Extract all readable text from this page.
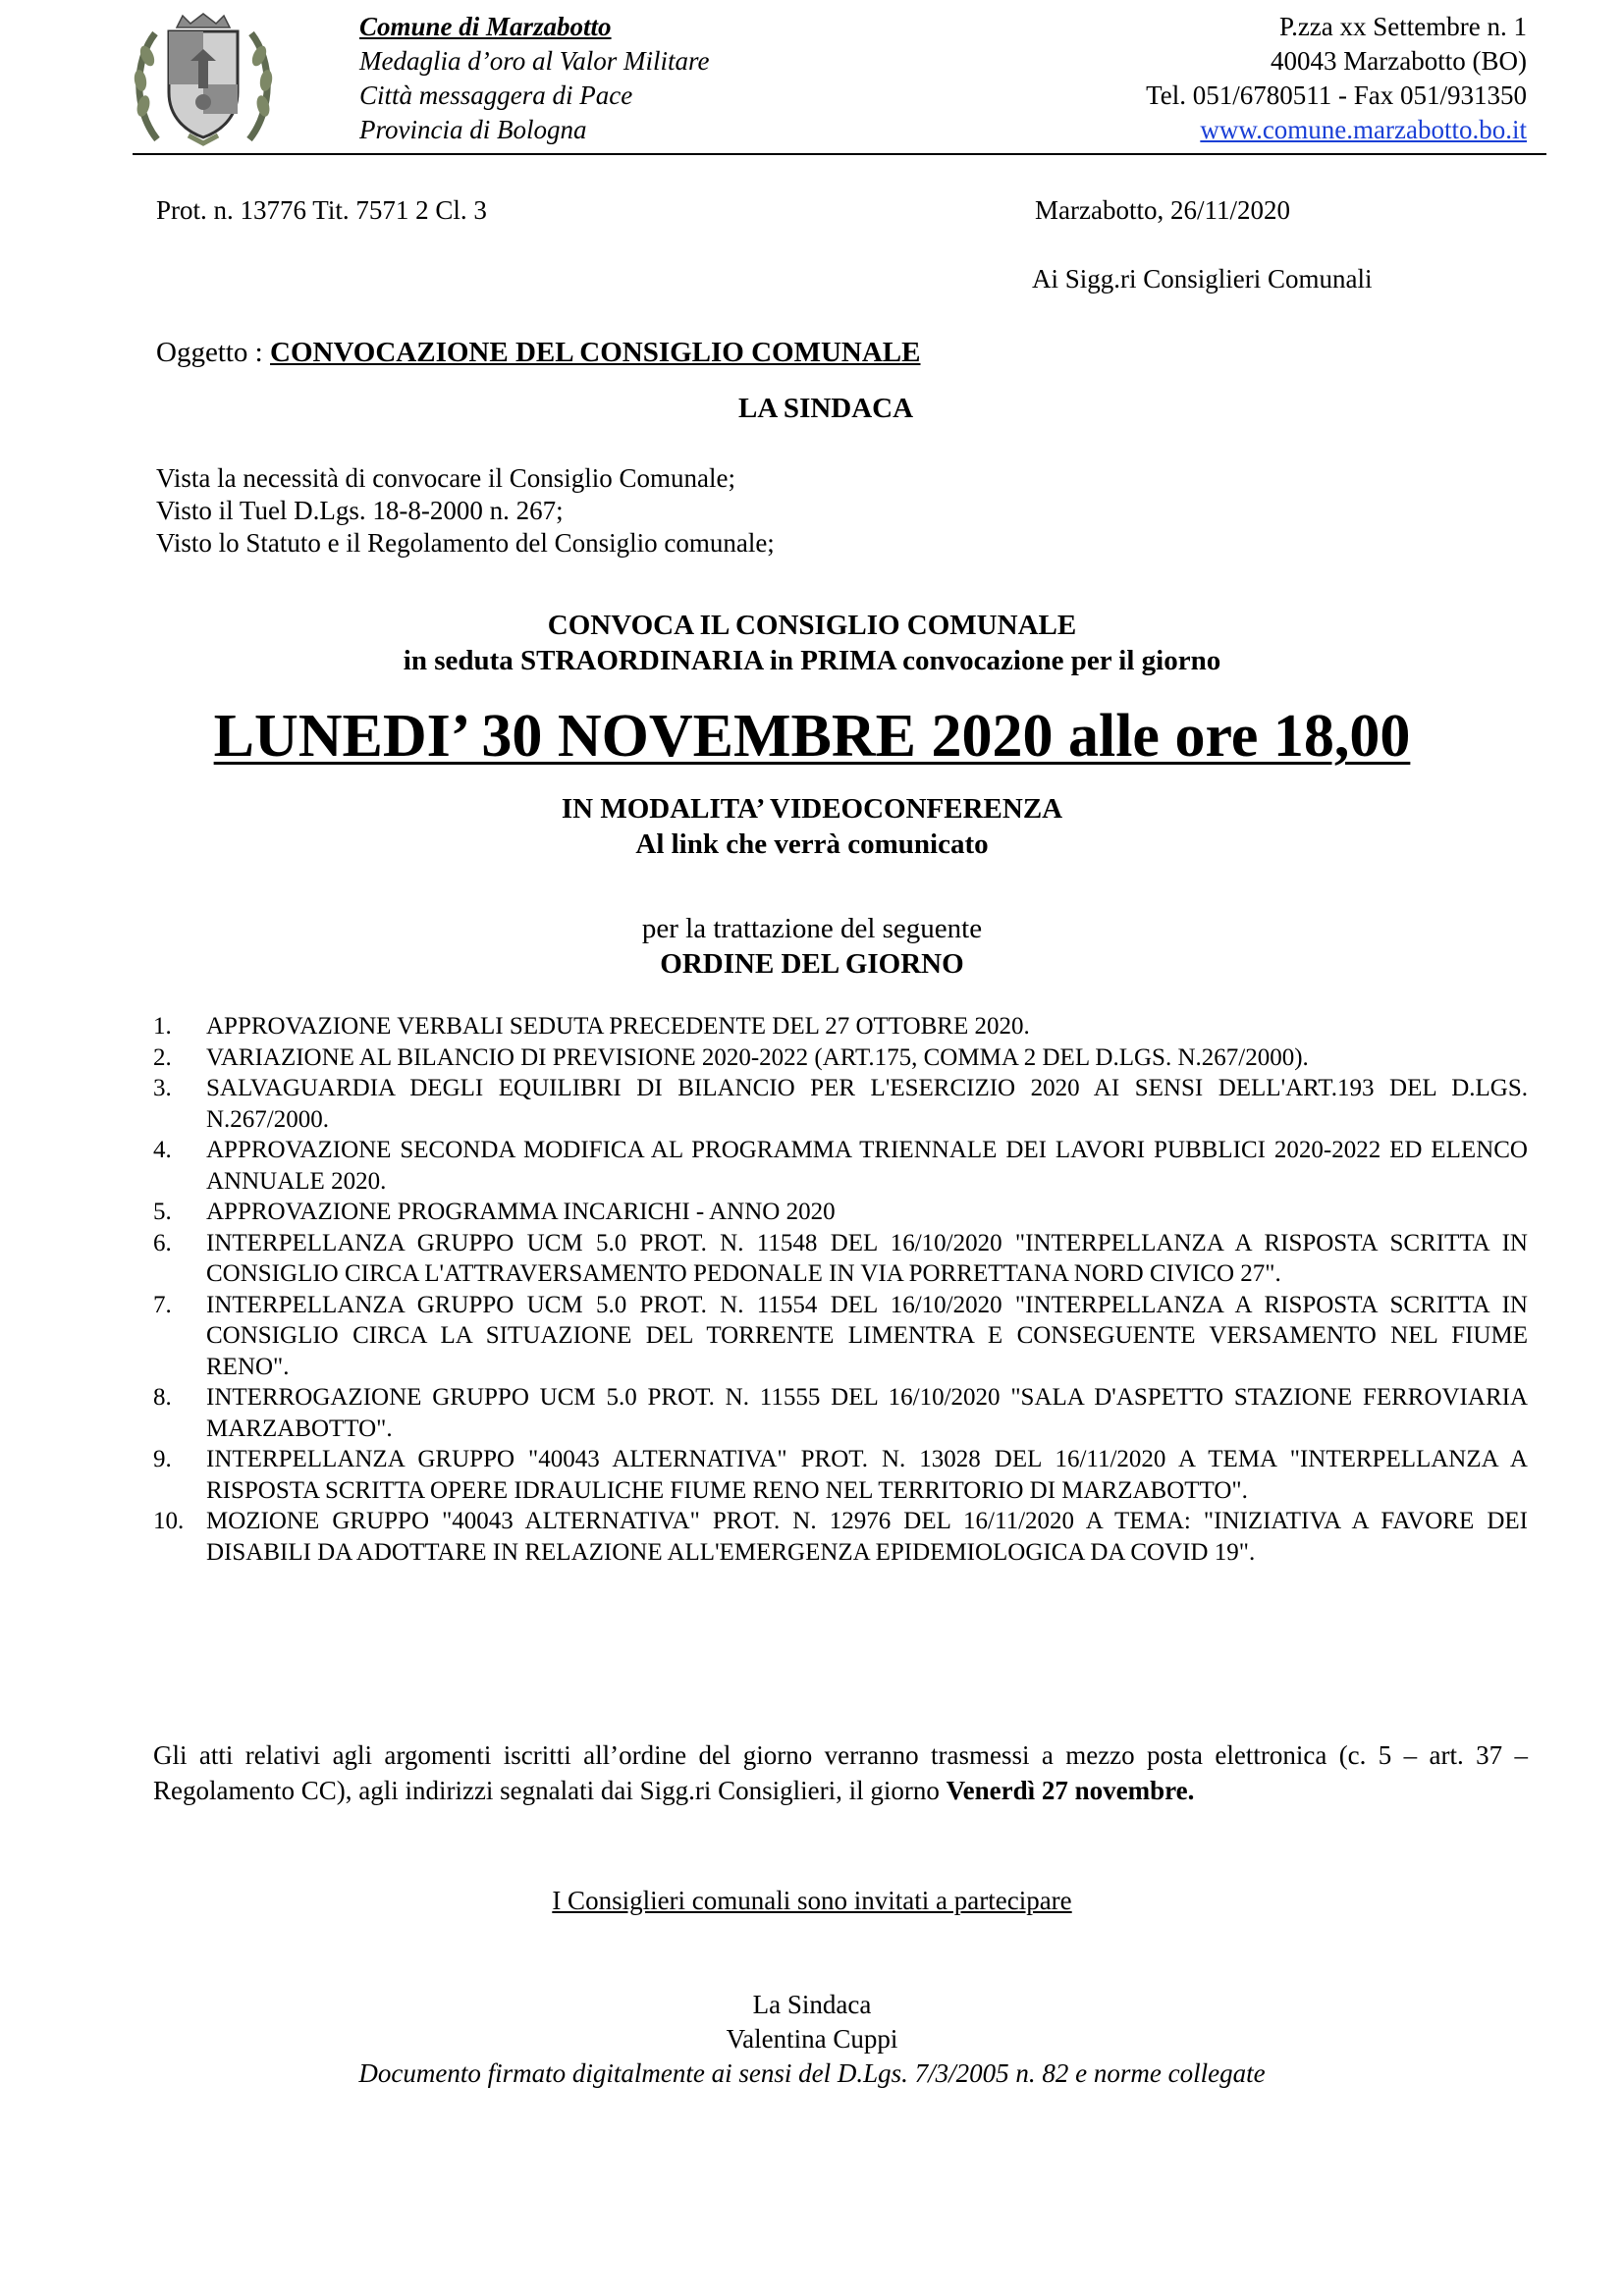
Comune di Marzabotto
Medaglia d’oro al Valor Militare
Città messaggera di Pace
Provincia di Bologna
P.zza xx Settembre n. 1
40043 Marzabotto (BO)
Tel. 051/6780511 - Fax 051/931350
www.comune.marzabotto.bo.it
Prot. n. 13776 Tit. 7571 2 Cl. 3	Marzabotto, 26/11/2020
Ai Sigg.ri Consiglieri Comunali
Oggetto : CONVOCAZIONE DEL CONSIGLIO COMUNALE
LA SINDACA
Vista la necessità di convocare il Consiglio Comunale;
Visto il Tuel D.Lgs. 18-8-2000 n. 267;
Visto lo Statuto e il Regolamento del Consiglio comunale;
CONVOCA IL CONSIGLIO COMUNALE
in seduta STRAORDINARIA in PRIMA convocazione per il giorno
LUNEDI’ 30 NOVEMBRE 2020 alle ore 18,00
IN MODALITA’ VIDEOCONFERENZA
Al link che verrà comunicato
per la trattazione del seguente
ORDINE DEL GIORNO
1. APPROVAZIONE VERBALI SEDUTA PRECEDENTE DEL 27 OTTOBRE 2020.
2. VARIAZIONE AL BILANCIO DI PREVISIONE 2020-2022 (ART.175, COMMA 2 DEL D.LGS. N.267/2000).
3. SALVAGUARDIA DEGLI EQUILIBRI DI BILANCIO PER L'ESERCIZIO 2020 AI SENSI DELL'ART.193 DEL D.LGS. N.267/2000.
4. APPROVAZIONE SECONDA MODIFICA AL PROGRAMMA TRIENNALE DEI LAVORI PUBBLICI 2020-2022 ED ELENCO ANNUALE 2020.
5. APPROVAZIONE PROGRAMMA INCARICHI - ANNO 2020
6. INTERPELLANZA GRUPPO UCM 5.0 PROT. N. 11548 DEL 16/10/2020 "INTERPELLANZA A RISPOSTA SCRITTA IN CONSIGLIO CIRCA L'ATTRAVERSAMENTO PEDONALE IN VIA PORRETTANA NORD CIVICO 27".
7. INTERPELLANZA GRUPPO UCM 5.0 PROT. N. 11554 DEL 16/10/2020 "INTERPELLANZA A RISPOSTA SCRITTA IN CONSIGLIO CIRCA LA SITUAZIONE DEL TORRENTE LIMENTRA E CONSEGUENTE VERSAMENTO NEL FIUME RENO".
8. INTERROGAZIONE GRUPPO UCM 5.0 PROT. N. 11555 DEL 16/10/2020 "SALA D'ASPETTO STAZIONE FERROVIARIA MARZABOTTO".
9. INTERPELLANZA GRUPPO "40043 ALTERNATIVA" PROT. N. 13028 DEL 16/11/2020 A TEMA "INTERPELLANZA A RISPOSTA SCRITTA OPERE IDRAULICHE FIUME RENO NEL TERRITORIO DI MARZABOTTO".
10. MOZIONE GRUPPO "40043 ALTERNATIVA" PROT. N. 12976 DEL 16/11/2020 A TEMA: "INIZIATIVA A FAVORE DEI DISABILI DA ADOTTARE IN RELAZIONE ALL'EMERGENZA EPIDEMIOLOGICA DA COVID 19".
Gli atti relativi agli argomenti iscritti all’ordine del giorno verranno trasmessi a mezzo posta elettronica (c. 5 – art. 37 – Regolamento CC), agli indirizzi segnalati dai Sigg.ri Consiglieri, il giorno Venerdì 27 novembre.
I Consiglieri comunali sono invitati a partecipare
La Sindaca
Valentina Cuppi
Documento firmato digitalmente ai sensi del D.Lgs. 7/3/2005 n. 82 e norme collegate
